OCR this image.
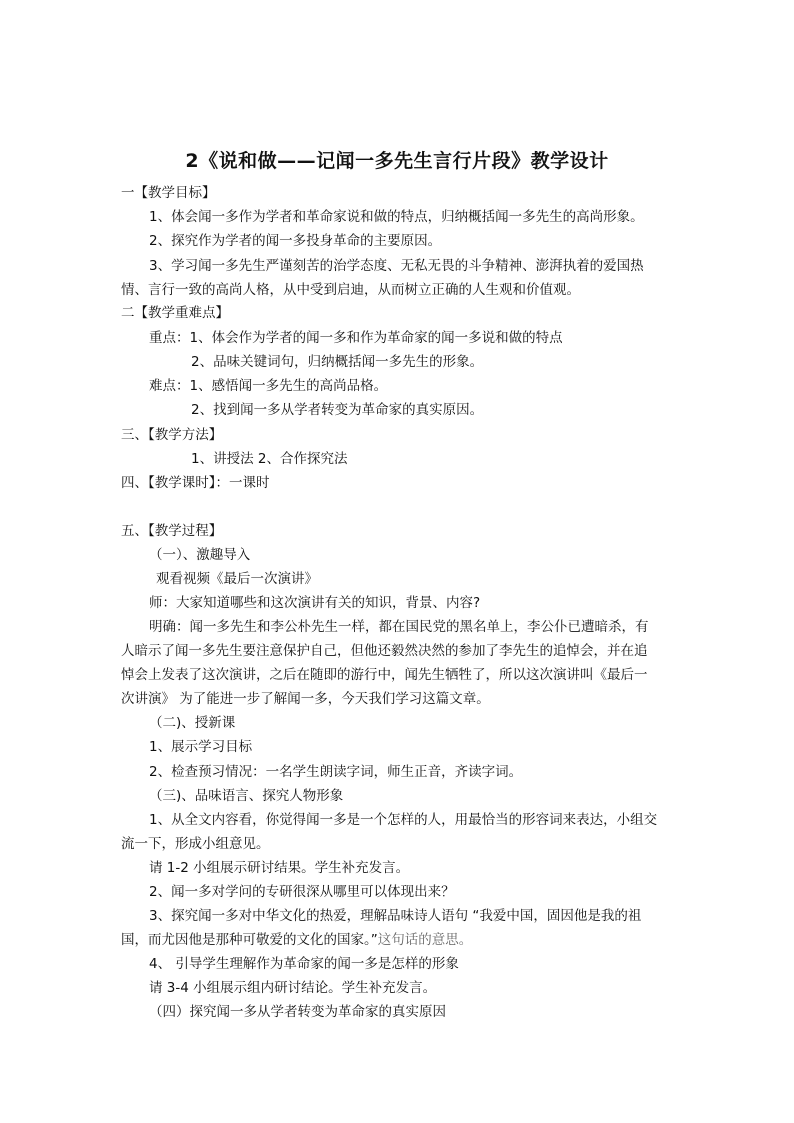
2《说和做——记闻一多先生言行片段》教学设计
一【教学目标】
1、体会闻一多作为学者和革命家说和做的特点，归纳概括闻一多先生的高尚形象。
2、探究作为学者的闻一多投身革命的主要原因。
3、学习闻一多先生严谨刻苦的治学态度、无私无畏的斗争精神、澎湃执着的爱国热
情、言行一致的高尚人格，从中受到启迪，从而树立正确的人生观和价值观。
二【教学重难点】
重点：1、体会作为学者的闻一多和作为革命家的闻一多说和做的特点
2、品味关键词句，归纳概括闻一多先生的形象。
难点：1、感悟闻一多先生的高尚品格。
2、找到闻一多从学者转变为革命家的真实原因。
三、【教学方法】
1、讲授法 2、合作探究法
四、【教学课时】：一课时
五、【教学过程】
（一）、激趣导入
观看视频《最后一次演讲》
师：大家知道哪些和这次演讲有关的知识，背景、内容?
明确：闻一多先生和李公朴先生一样，都在国民党的黑名单上，李公仆已遭暗杀，有
人暗示了闻一多先生要注意保护自己，但他还毅然决然的参加了李先生的追悼会，并在追
悼会上发表了这次演讲，之后在随即的游行中，闻先生牺牲了，所以这次演讲叫《最后一
次讲演》 为了能进一步了解闻一多，今天我们学习这篇文章。
（二)、授新课
1、展示学习目标
2、检查预习情况：一名学生朗读字词，师生正音，齐读字词。
（三)、品味语言、探究人物形象
1、从全文内容看，你觉得闻一多是一个怎样的人，用最恰当的形容词来表达，小组交
流一下，形成小组意见。
请 1-2 小组展示研讨结果。学生补充发言。
2、闻一多对学问的专研很深从哪里可以体现出来？
3、探究闻一多对中华文化的热爱，理解品味诗人语句 “我爱中国，固因他是我的祖
国，而尤因他是那种可敬爱的文化的国家。”这句话的意思。
4、 引导学生理解作为革命家的闻一多是怎样的形象
请 3-4 小组展示组内研讨结论。学生补充发言。
（四）探究闻一多从学者转变为革命家的真实原因
